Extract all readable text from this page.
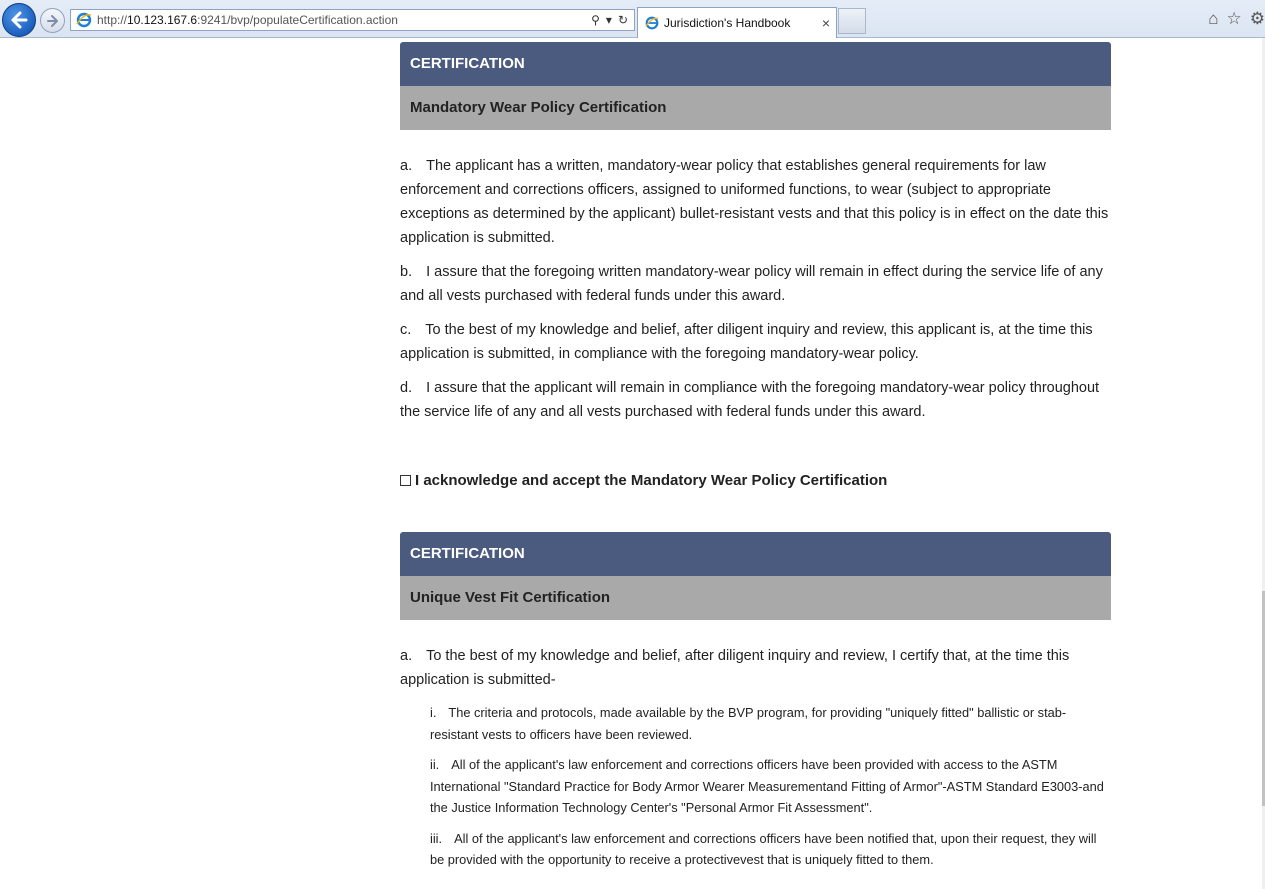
http://10.123.167.6:9241/bvp/populateCertification.action	⚲ ▾ ↻	Jurisdiction's Handbook	×	⌂ ☆ ⚙
CERTIFICATION
Mandatory Wear Policy Certification

a. The applicant has a written, mandatory-wear policy that establishes general requirements for law enforcement and corrections officers, assigned to uniformed functions, to wear (subject to appropriate exceptions as determined by the applicant) bullet-resistant vests and that this policy is in effect on the date this application is submitted.

b. I assure that the foregoing written mandatory-wear policy will remain in effect during the service life of any and all vests purchased with federal funds under this award.

c. To the best of my knowledge and belief, after diligent inquiry and review, this applicant is, at the time this application is submitted, in compliance with the foregoing mandatory-wear policy.

d. I assure that the applicant will remain in compliance with the foregoing mandatory-wear policy throughout the service life of any and all vests purchased with federal funds under this award.

I acknowledge and accept the Mandatory Wear Policy Certification
CERTIFICATION
Unique Vest Fit Certification

a. To the best of my knowledge and belief, after diligent inquiry and review, I certify that, at the time this application is submitted-

i. The criteria and protocols, made available by the BVP program, for providing "uniquely fitted" ballistic or stab-resistant vests to officers have been reviewed.

ii. All of the applicant's law enforcement and corrections officers have been provided with access to the ASTM International "Standard Practice for Body Armor Wearer Measurementand Fitting of Armor"-ASTM Standard E3003-and the Justice Information Technology Center's "Personal Armor Fit Assessment".

iii. All of the applicant's law enforcement and corrections officers have been notified that, upon their request, they will be provided with the opportunity to receive a protectivevest that is uniquely fitted to them.
